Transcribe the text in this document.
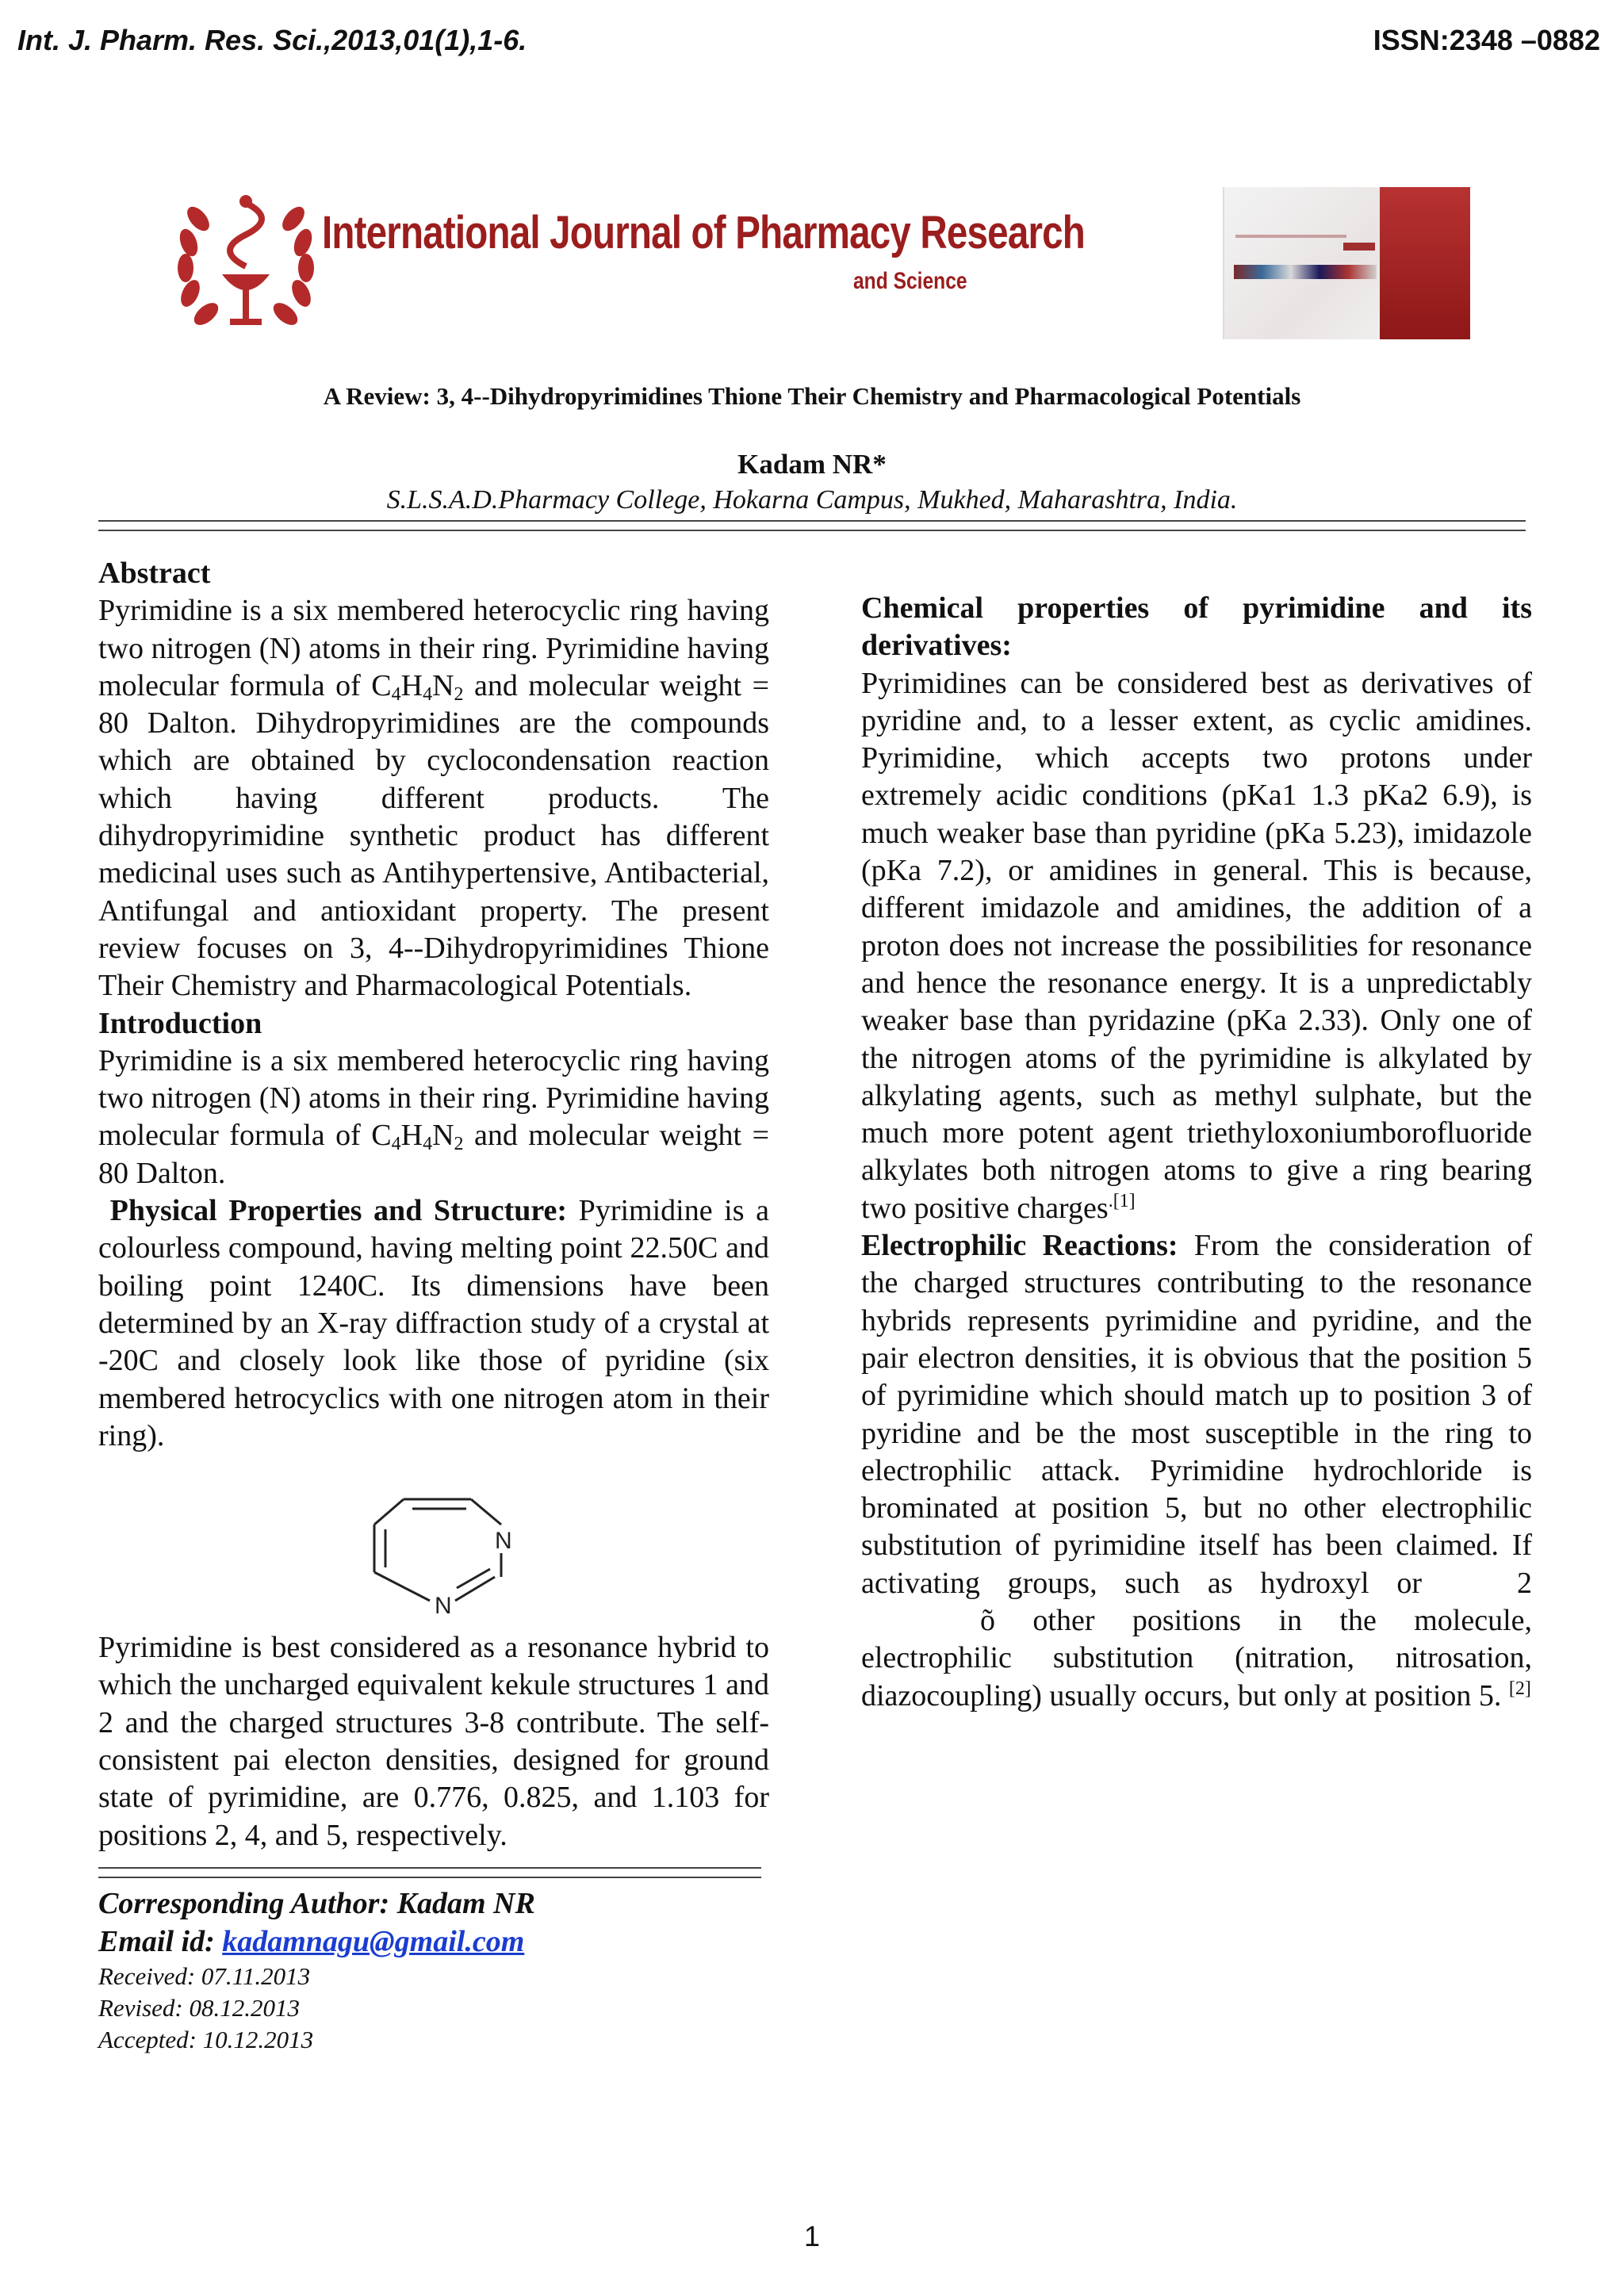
Int. J. Pharm. Res. Sci.,2013,01(1),1-6.	ISSN:2348 –0882
International Journal of Pharmacy Research
and Science
A Review: 3, 4--Dihydropyrimidines Thione Their Chemistry and Pharmacological Potentials
Kadam NR*
S.L.S.A.D.Pharmacy College, Hokarna Campus, Mukhed, Maharashtra, India.

Abstract

Pyrimidine is a six membered heterocyclic ring having two nitrogen (N) atoms in their ring. Pyrimidine having molecular formula of $C_4H_4N_2$ and molecular weight = 80 Dalton. Dihydropyrimidines are the compounds which are obtained by cyclocondensation reaction which having different products. The dihydropyrimidine synthetic product has different medicinal uses such as Antihypertensive, Antibacterial, Antifungal and antioxidant property. The present review focuses on 3, 4--Dihydropyrimidines Thione Their Chemistry and Pharmacological Potentials.

Introduction

Pyrimidine is a six membered heterocyclic ring having two nitrogen (N) atoms in their ring. Pyrimidine having molecular formula of $C_4H_4N_2$ and molecular weight = 80 Dalton.

Physical Properties and Structure: Pyrimidine is a colourless compound, having melting point 22.50C and boiling point 1240C. Its dimensions have been determined by an X-ray diffraction study of a crystal at -20C and closely look like those of pyridine (six membered hetrocyclics with one nitrogen atom in their ring).

N
N

Pyrimidine is best considered as a resonance hybrid to which the uncharged equivalent kekule structures 1 and 2 and the charged structures 3-8 contribute. The self-consistent pai electon densities, designed for ground state of pyrimidine, are 0.776, 0.825, and 1.103 for positions 2, 4, and 5, respectively.

Corresponding Author: Kadam NR
Email id: kadamnagu@gmail.com
Received: 07.11.2013
Revised: 08.12.2013
Accepted: 10.12.2013

Chemical properties of pyrimidine and its derivatives:

Pyrimidines can be considered best as derivatives of pyridine and, to a lesser extent, as cyclic amidines. Pyrimidine, which accepts two protons under extremely acidic conditions (pKa1 1.3 pKa2 6.9), is much weaker base than pyridine (pKa 5.23), imidazole (pKa 7.2), or amidines in general. This is because, different imidazole and amidines, the addition of a proton does not increase the possibilities for resonance and hence the resonance energy. It is a unpredictably weaker base than pyridazine (pKa 2.33). Only one of the nitrogen atoms of the pyrimidine is alkylated by alkylating agents, such as methyl sulphate, but the much more potent agent triethyloxoniumborofluoride alkylates both nitrogen atoms to give a ring bearing two positive charges$^{.[1]}$

Electrophilic Reactions: From the consideration of the charged structures contributing to the resonance hybrids represents pyrimidine and pyridine, and the pair electron densities, it is obvious that the position 5 of pyrimidine which should match up to position 3 of pyridine and be the most susceptible in the ring to electrophilic attack. Pyrimidine hydrochloride is brominated at position 5, but no other electrophilic substitution of pyrimidine itself has been claimed. If activating groups, such as hydroxyl or	2õ other positions in the molecule, electrophilic substitution (nitration, nitrosation, diazocoupling) usually occurs, but only at position 5. [2]

1
